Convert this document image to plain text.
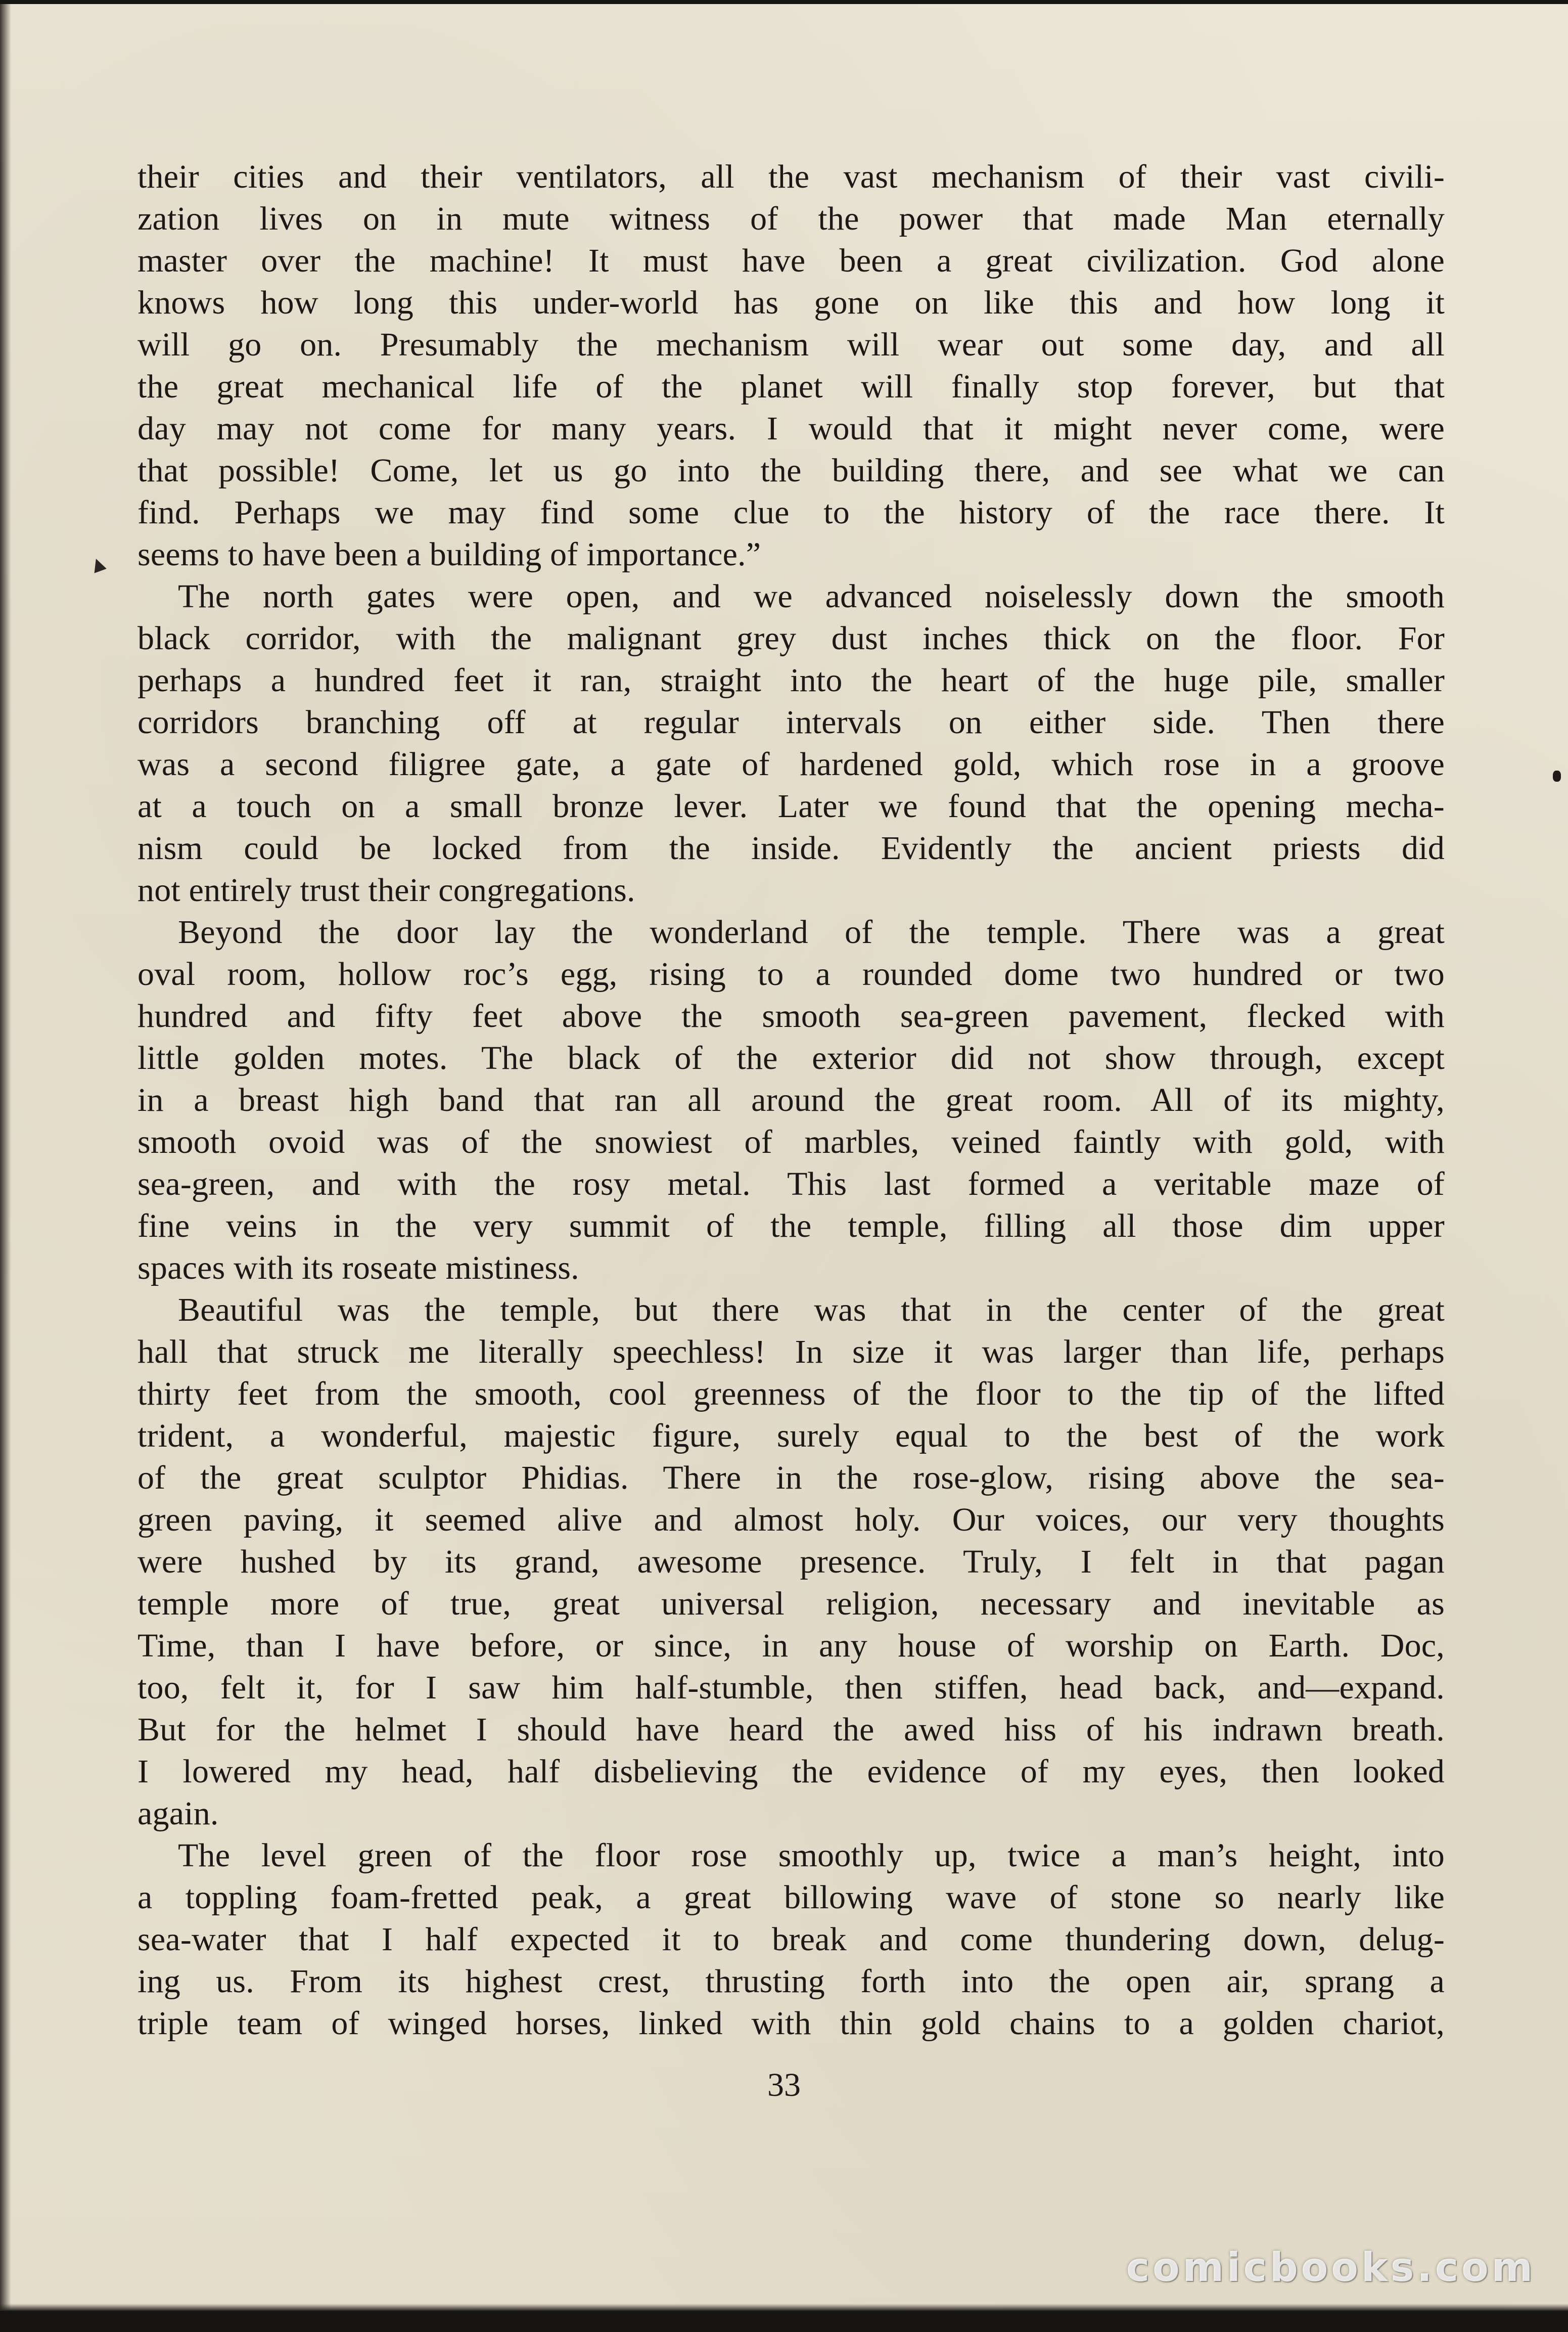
▲
their cities and their ventilators, all the vast mechanism of their vast civili-
zation lives on in mute witness of the power that made Man eternally
master over the machine! It must have been a great civilization. God alone
knows how long this under-world has gone on like this and how long it
will go on. Presumably the mechanism will wear out some day, and all
the great mechanical life of the planet will finally stop forever, but that
day may not come for many years. I would that it might never come, were
that possible! Come, let us go into the building there, and see what we can
find. Perhaps we may find some clue to the history of the race there. It
seems to have been a building of importance.”
The north gates were open, and we advanced noiselessly down the smooth
black corridor, with the malignant grey dust inches thick on the floor. For
perhaps a hundred feet it ran, straight into the heart of the huge pile, smaller
corridors branching off at regular intervals on either side. Then there
was a second filigree gate, a gate of hardened gold, which rose in a groove
at a touch on a small bronze lever. Later we found that the opening mecha-
nism could be locked from the inside. Evidently the ancient priests did
not entirely trust their congregations.
Beyond the door lay the wonderland of the temple. There was a great
oval room, hollow roc’s egg, rising to a rounded dome two hundred or two
hundred and fifty feet above the smooth sea-green pavement, flecked with
little golden motes. The black of the exterior did not show through, except
in a breast high band that ran all around the great room. All of its mighty,
smooth ovoid was of the snowiest of marbles, veined faintly with gold, with
sea-green, and with the rosy metal. This last formed a veritable maze of
fine veins in the very summit of the temple, filling all those dim upper
spaces with its roseate mistiness.
Beautiful was the temple, but there was that in the center of the great
hall that struck me literally speechless! In size it was larger than life, perhaps
thirty feet from the smooth, cool greenness of the floor to the tip of the lifted
trident, a wonderful, majestic figure, surely equal to the best of the work
of the great sculptor Phidias. There in the rose-glow, rising above the sea-
green paving, it seemed alive and almost holy. Our voices, our very thoughts
were hushed by its grand, awesome presence. Truly, I felt in that pagan
temple more of true, great universal religion, necessary and inevitable as
Time, than I have before, or since, in any house of worship on Earth. Doc,
too, felt it, for I saw him half-stumble, then stiffen, head back, and—expand.
But for the helmet I should have heard the awed hiss of his indrawn breath.
I lowered my head, half disbelieving the evidence of my eyes, then looked
again.
The level green of the floor rose smoothly up, twice a man’s height, into
a toppling foam-fretted peak, a great billowing wave of stone so nearly like
sea-water that I half expected it to break and come thundering down, delug-
ing us. From its highest crest, thrusting forth into the open air, sprang a
triple team of winged horses, linked with thin gold chains to a golden chariot,
33
comicbooks.com
